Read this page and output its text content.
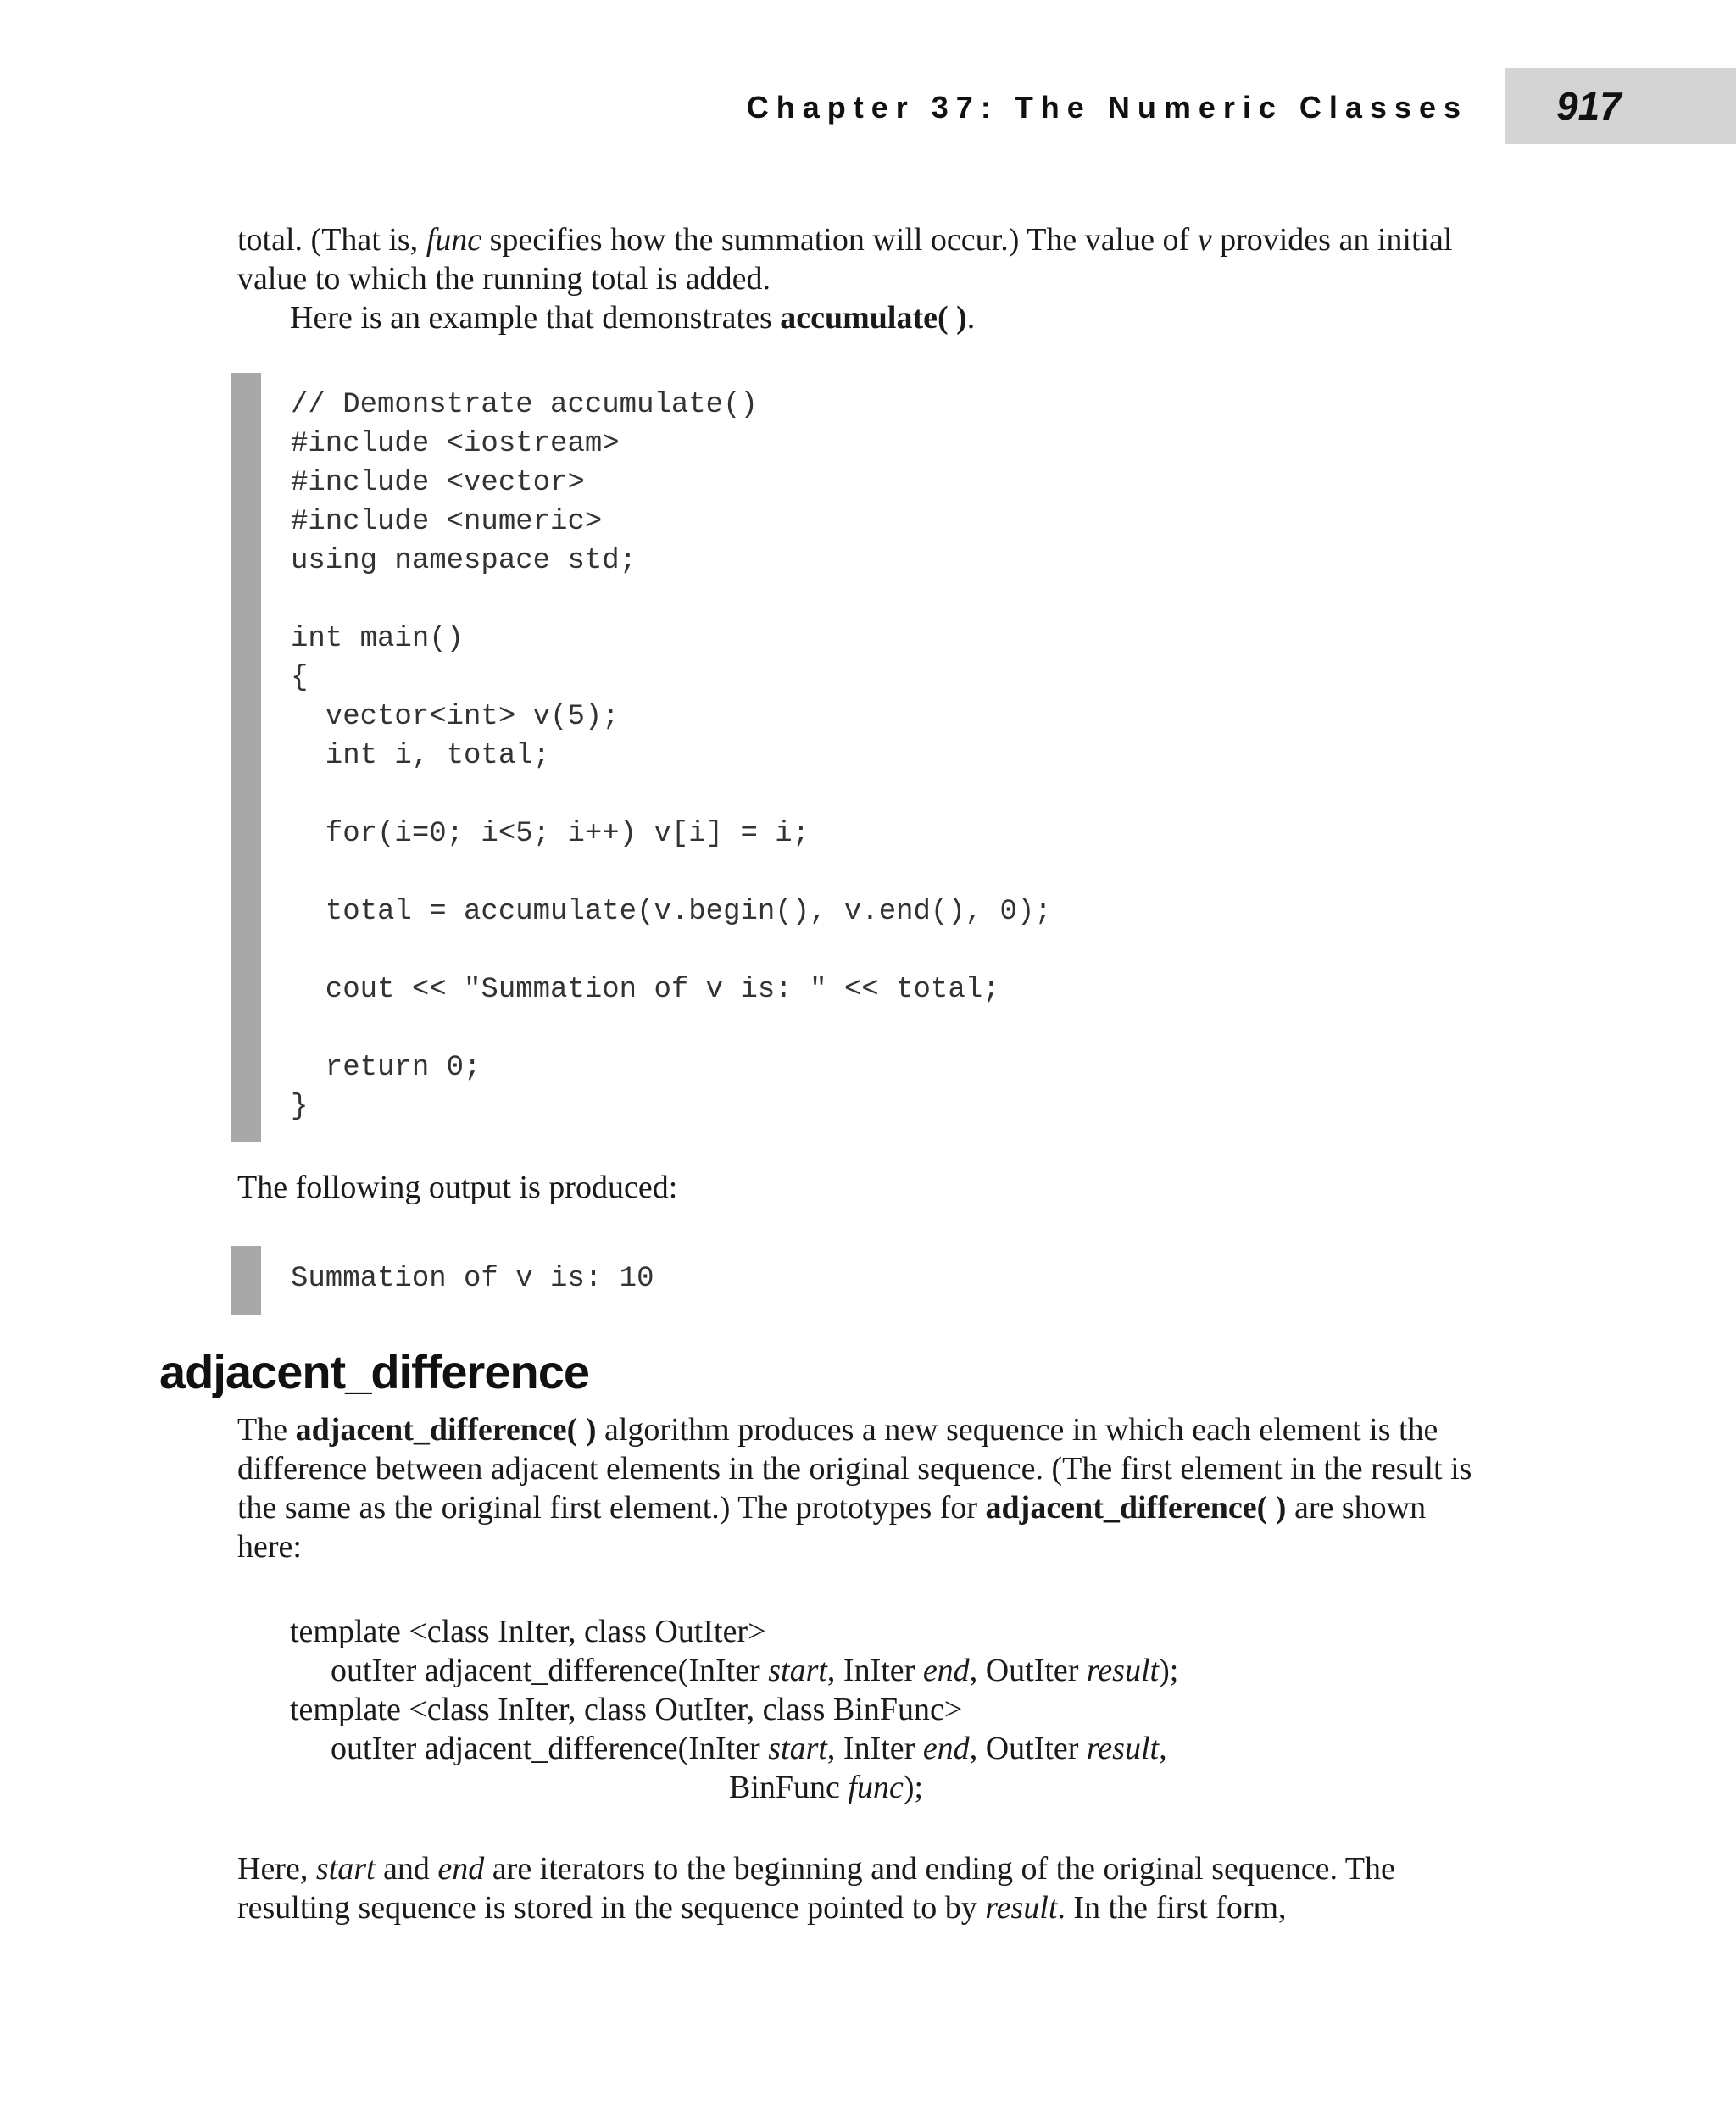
Chapter 37: The Numeric Classes 917

total. (That is, func specifies how the summation will occur.) The value of v provides an initial value to which the running total is added.

Here is an example that demonstrates accumulate( ).

// Demonstrate accumulate()
#include <iostream>
#include <vector>
#include <numeric>
using namespace std;

int main()
{
vector<int> v(5);
int i, total;

for(i=0; i<5; i++) v[i] = i;

total = accumulate(v.begin(), v.end(), 0);

cout << "Summation of v is: " << total;

return 0;
}

The following output is produced:

Summation of v is: 10
adjacent_difference

The adjacent_difference( ) algorithm produces a new sequence in which each element is the difference between adjacent elements in the original sequence. (The first element in the result is the same as the original first element.) The prototypes for adjacent_difference( ) are shown here:

template <class InIter, class OutIter>

outIter adjacent_difference(InIter start, InIter end, OutIter result);

template <class InIter, class OutIter, class BinFunc>

outIter adjacent_difference(InIter start, InIter end, OutIter result,

BinFunc func);

Here, start and end are iterators to the beginning and ending of the original sequence. The resulting sequence is stored in the sequence pointed to by result. In the first form,
